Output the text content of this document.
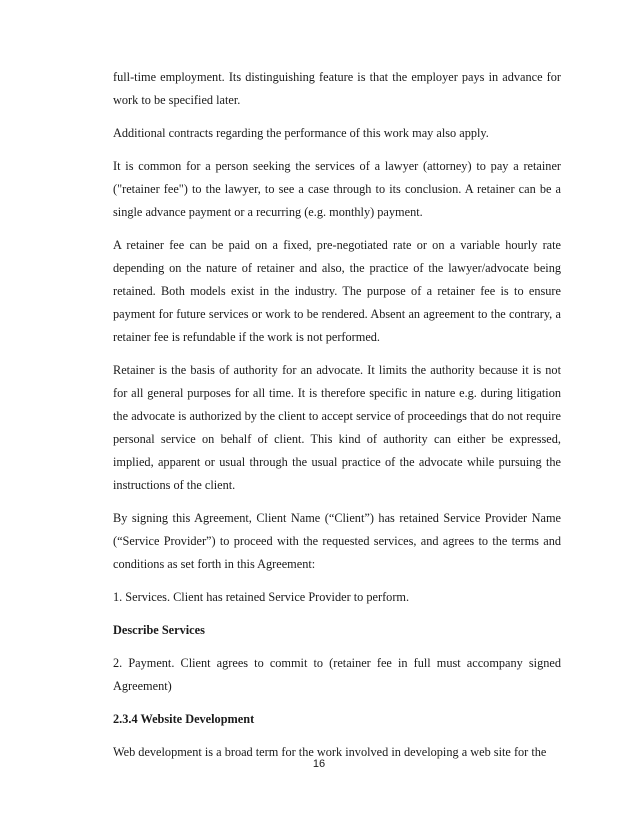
full-time employment. Its distinguishing feature is that the employer pays in advance for work to be specified later.

Additional contracts regarding the performance of this work may also apply.

It is common for a person seeking the services of a lawyer (attorney) to pay a retainer ("retainer fee") to the lawyer, to see a case through to its conclusion. A retainer can be a single advance payment or a recurring (e.g. monthly) payment.

A retainer fee can be paid on a fixed, pre-negotiated rate or on a variable hourly rate depending on the nature of retainer and also, the practice of the lawyer/advocate being retained. Both models exist in the industry. The purpose of a retainer fee is to ensure payment for future services or work to be rendered. Absent an agreement to the contrary, a retainer fee is refundable if the work is not performed.

Retainer is the basis of authority for an advocate. It limits the authority because it is not for all general purposes for all time. It is therefore specific in nature e.g. during litigation the advocate is authorized by the client to accept service of proceedings that do not require personal service on behalf of client. This kind of authority can either be expressed, implied, apparent or usual through the usual practice of the advocate while pursuing the instructions of the client.

By signing this Agreement, Client Name (“Client”) has retained Service Provider Name (“Service Provider”) to proceed with the requested services, and agrees to the terms and conditions as set forth in this Agreement:

1. Services. Client has retained Service Provider to perform.

Describe Services

2. Payment. Client agrees to commit to (retainer fee in full must accompany signed Agreement)

2.3.4 Website Development

Web development is a broad term for the work involved in developing a web site for the

16
